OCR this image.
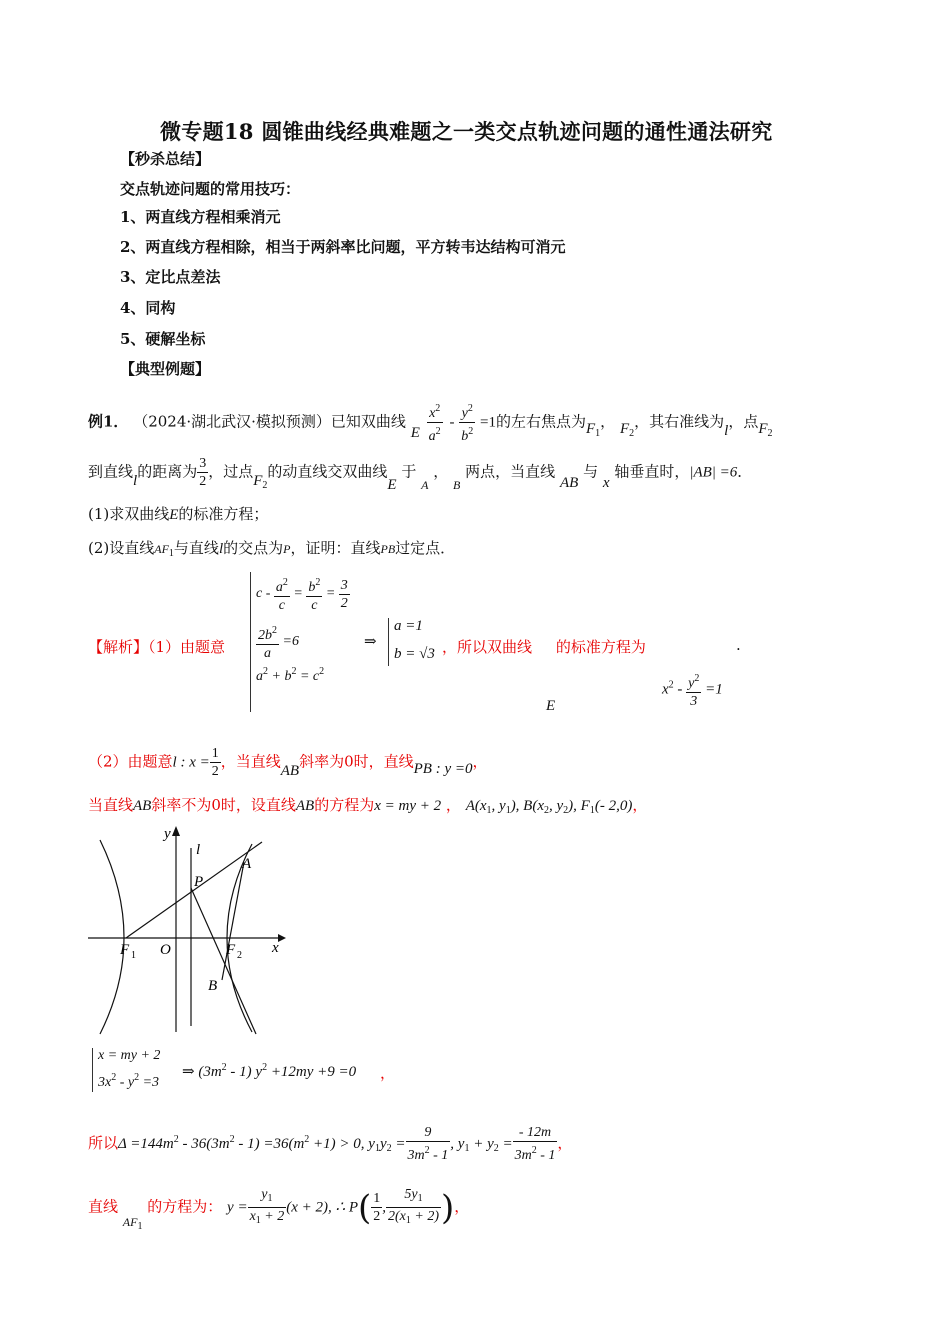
微专题18 圆锥曲线经典难题之一类交点轨迹问题的通性通法研究
【秒杀总结】
交点轨迹问题的常用技巧：
1、两直线方程相乘消元
2、两直线方程相除，相当于两斜率比问题，平方转韦达结构可消元
3、定比点差法
4、同构
5、硬解坐标
【典型例题】
例1． （2024·湖北武汉·模拟预测）已知双曲线 E $\frac{x^2}{a^2} - \frac{y^2}{b^2} =1$的左右焦点为$F_1$， $F_2$，其右准线为l，点$F_2$
到直线l的距离为 $\frac{3}{2}$ ，过点$F_2$的动直线交双曲线E 于 $_A$ ， $_B$ 两点，当直线 AB 与 x 轴垂直时，|AB| =6．
(1)求双曲线E的标准方程；
(2)设直线$AF_1$与直线l的交点为P，证明：直线PB过定点．
【解析】（1）由题意
$c - \frac{a^2}{c} = \frac{b^2}{c} = \frac{3}{2}$
$\frac{2b^2}{a} =6$
$a^2 + b^2 = c^2$
⇒
a =1
b = √3 ，所以双曲线 的标准方程为	.
$x^2 - \frac{y^2}{3} =1$
E
（2）由题意l : $x = \frac{1}{2}$ ，当直线AB斜率为0时，直线PB : y =0，
当直线AB斜率不为0时，设直线AB的方程为x = my + 2 ， $A(x_1$, $y_1$), $B(x_2$, $y_2$), $F_1(-$ 2,0)，
y
x
l
P
A
B
F 1	F 2
O
x = my + 2
$3x^2 - y^2 =3$
⇒ $(3m^2 - 1)$ $y^2 +12my +9 =0$ ，
所以$\Delta =144m^2 - 36(3m^2 - 1) =36(m^2 +1) > 0$, $y_1y_2 = \frac{9}{3m^2 - 1}$ , $y_1 + y_2 = \frac{- 12m}{3m^2 - 1}$ ，
直线 $_{AF_1}$ 的方程为： $y = \frac{y_1}{x_1 + 2} (x + 2)$, ∴ $P( \frac{1}{2}$ , $\frac{5y_1}{2(x_1 + 2)}$ )，
